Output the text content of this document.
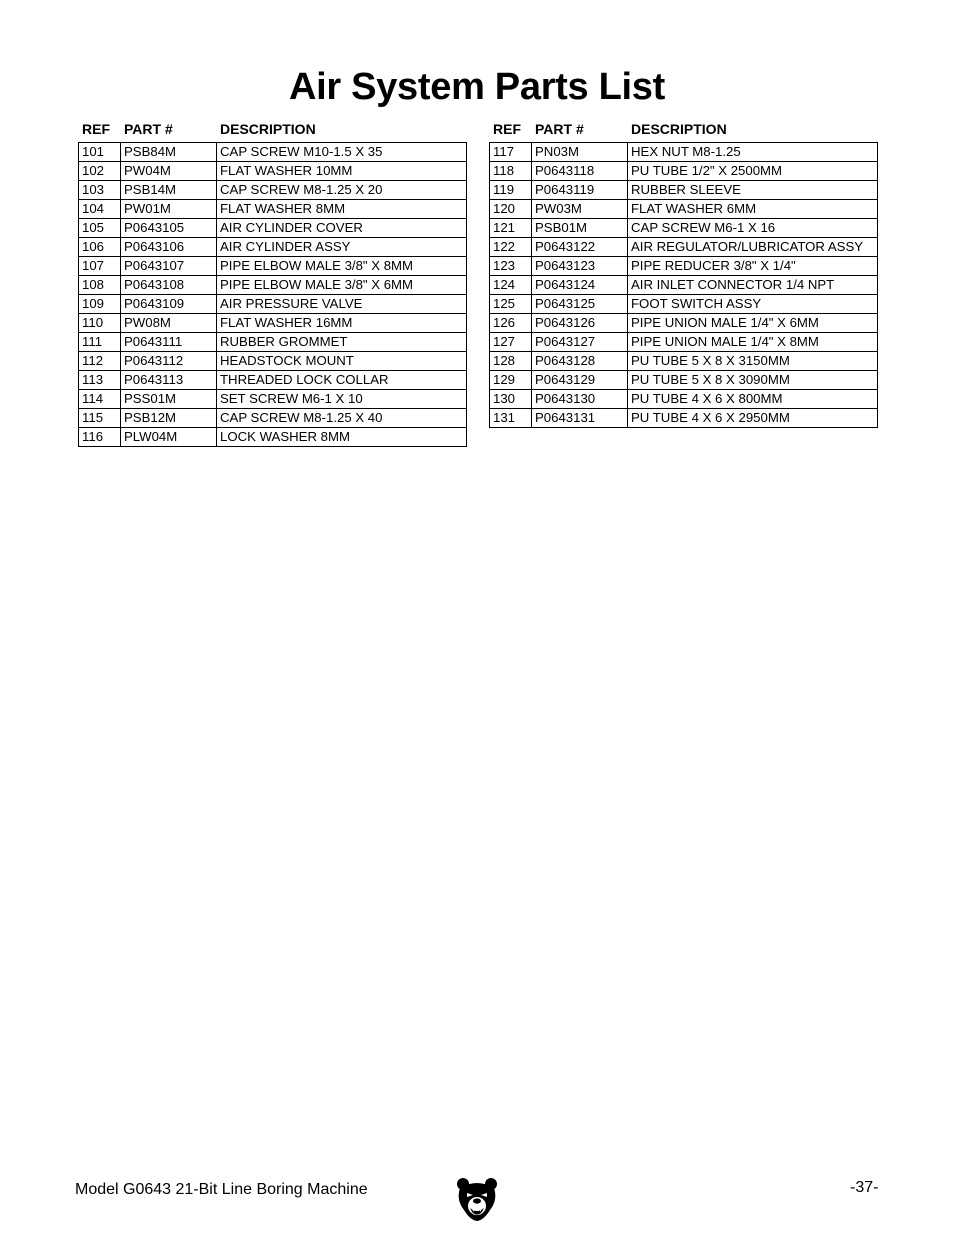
Air System Parts List
REF PART #	DESCRIPTION
101	PSB84M	CAP SCREW M10-1.5 X 35
102	PW04M	FLAT WASHER 10MM
103	PSB14M	CAP SCREW M8-1.25 X 20
104	PW01M	FLAT WASHER 8MM
105	P0643105	AIR CYLINDER COVER
106	P0643106	AIR CYLINDER ASSY
107	P0643107	PIPE ELBOW MALE 3/8" X 8MM
108	P0643108	PIPE ELBOW MALE 3/8" X 6MM
109	P0643109	AIR PRESSURE VALVE
110	PW08M	FLAT WASHER 16MM
111	P0643111	RUBBER GROMMET
112	P0643112	HEADSTOCK MOUNT
113	P0643113	THREADED LOCK COLLAR
114	PSS01M	SET SCREW M6-1 X 10
115	PSB12M	CAP SCREW M8-1.25 X 40
116	PLW04M	LOCK WASHER 8MM
REF PART #	DESCRIPTION
117	PN03M	HEX NUT M8-1.25
118	P0643118	PU TUBE 1/2" X 2500MM
119	P0643119	RUBBER SLEEVE
120	PW03M	FLAT WASHER 6MM
121	PSB01M	CAP SCREW M6-1 X 16
122	P0643122	AIR REGULATOR/LUBRICATOR ASSY
123	P0643123	PIPE REDUCER 3/8" X 1/4"
124	P0643124	AIR INLET CONNECTOR 1/4 NPT
125	P0643125	FOOT SWITCH ASSY
126	P0643126	PIPE UNION MALE 1/4" X 6MM
127	P0643127	PIPE UNION MALE 1/4" X 8MM
128	P0643128	PU TUBE 5 X 8 X 3150MM
129	P0643129	PU TUBE 5 X 8 X 3090MM
130	P0643130	PU TUBE 4 X 6 X 800MM
131	P0643131	PU TUBE 4 X 6 X 2950MM
Model G0643 21-Bit Line Boring Machine	-37-
